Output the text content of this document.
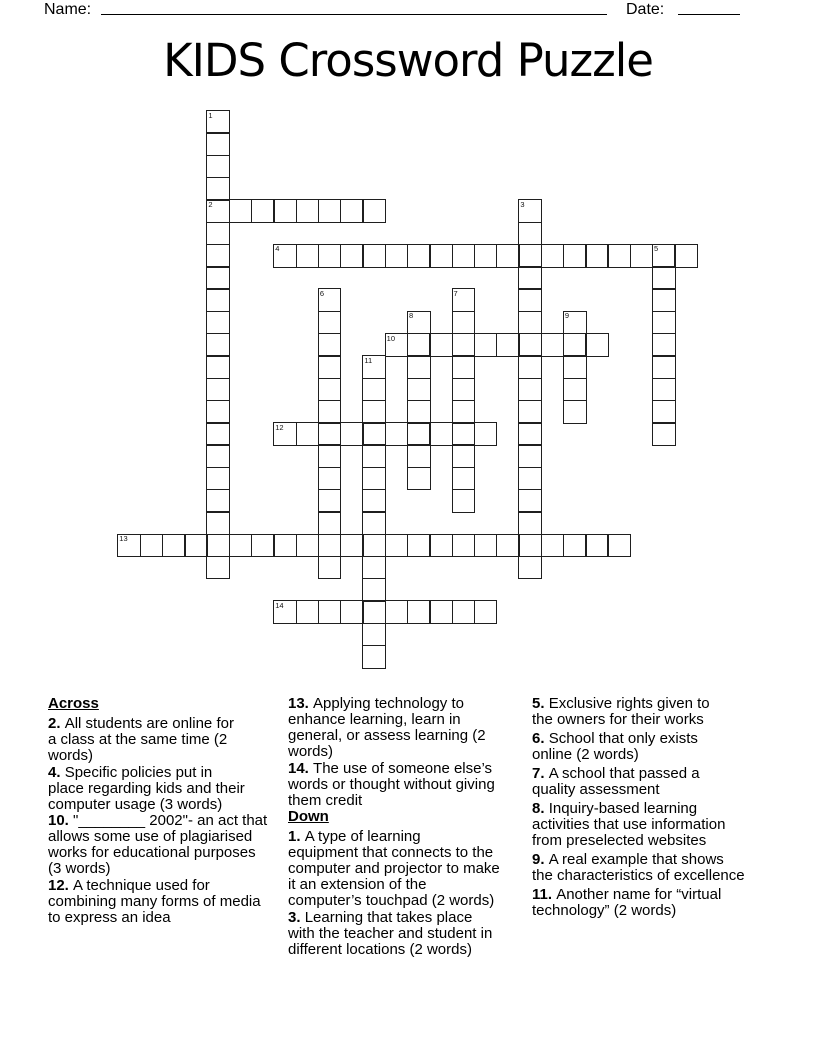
Name:	Date:
KIDS Crossword Puzzle
1
2	3
4	5
6	7
8	9
10
11
12
13
14
Across

2. All students are online for
a class at the same time (2
words)

4. Specific policies put in
place regarding kids and their
computer usage (3 words)

10. "________ 2002"- an act that
allows some use of plagiarised
works for educational purposes
(3 words)

12. A technique used for
combining many forms of media
to express an idea

13. Applying technology to
enhance learning, learn in
general, or assess learning (2
words)

14. The use of someone else’s
words or thought without giving
them credit

Down

1. A type of learning
equipment that connects to the
computer and projector to make
it an extension of the
computer’s touchpad (2 words)

3. Learning that takes place
with the teacher and student in
different locations (2 words)

5. Exclusive rights given to
the owners for their works

6. School that only exists
online (2 words)

7. A school that passed a
quality assessment

8. Inquiry-based learning
activities that use information
from preselected websites

9. A real example that shows
the characteristics of excellence

11. Another name for “virtual
technology” (2 words)
